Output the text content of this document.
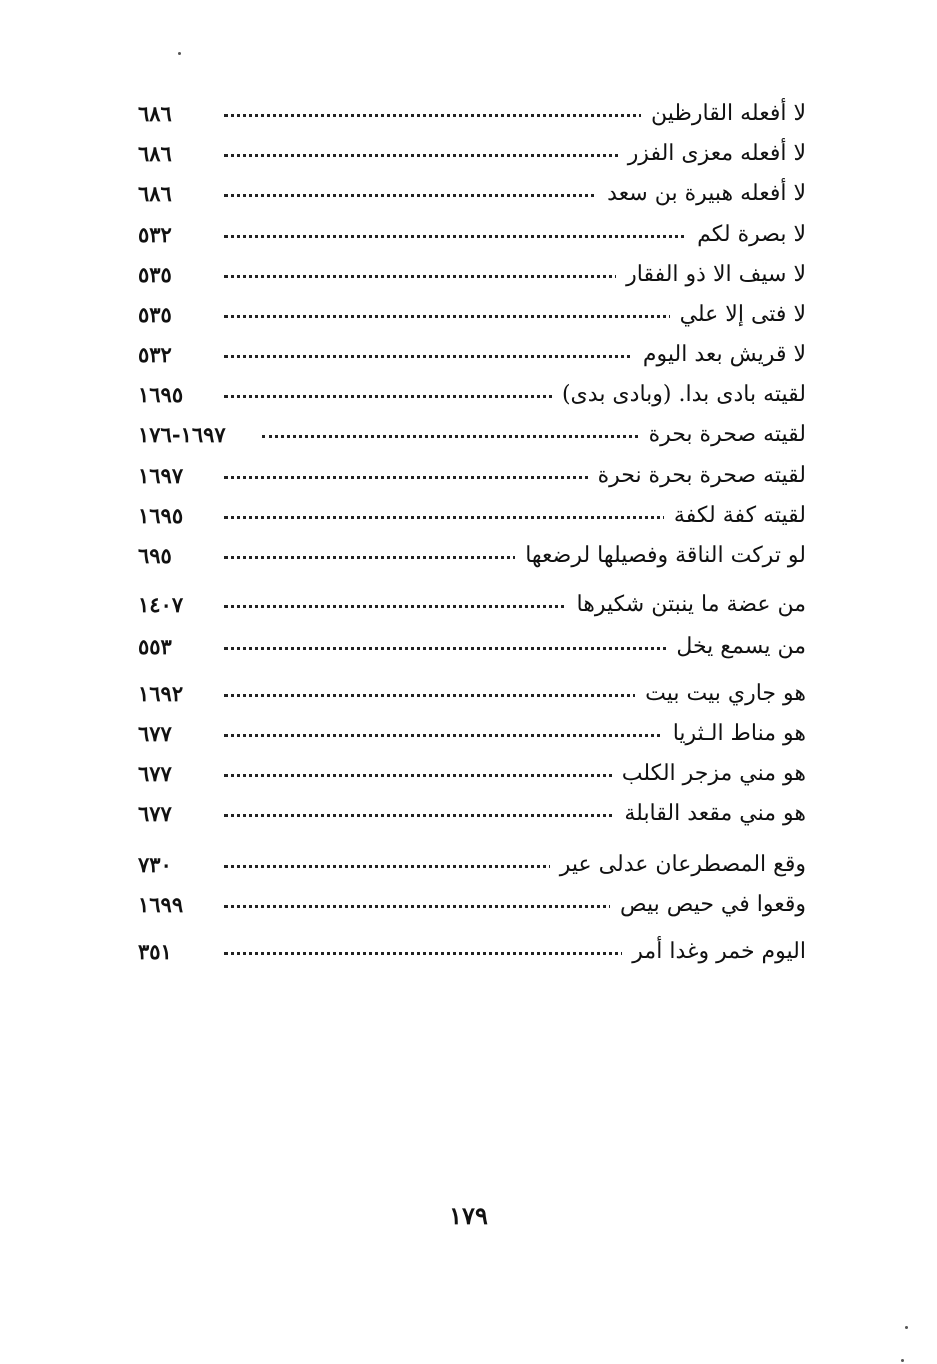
لا أفعله القارظين
٦٨٦
لا أفعله معزى الفزر
٦٨٦
لا أفعله هبيرة بن سعد
٦٨٦
لا بصرة لكم
٥٣٢
لا سيف الا ذو الفقار
٥٣٥
لا فتى إلا علي
٥٣٥
لا قريش بعد اليوم
٥٣٢
لقيته بادى بدا. (وبادى بدى)
١٦٩٥
لقيته صحرة بحرة
١٦٩٧-١٧٦
لقيته صحرة بحرة نحرة
١٦٩٧
لقيته كفة لكفة
١٦٩٥
لو تركت الناقة وفصيلها لرضعها
٦٩٥
من عضة ما ينبتن شكيرها
١٤٠٧
من يسمع يخل
٥٥٣
هو جاري بيت بيت
١٦٩٢
هو مناط الـثريا
٦٧٧
هو مني مزجر الكلب
٦٧٧
هو مني مقعد القابلة
٦٧٧
وقع المصطرعان عدلى عير
٧٣٠
وقعوا في حيص بيص
١٦٩٩
اليوم خمر وغدا أمر
٣٥١
١٧٩
